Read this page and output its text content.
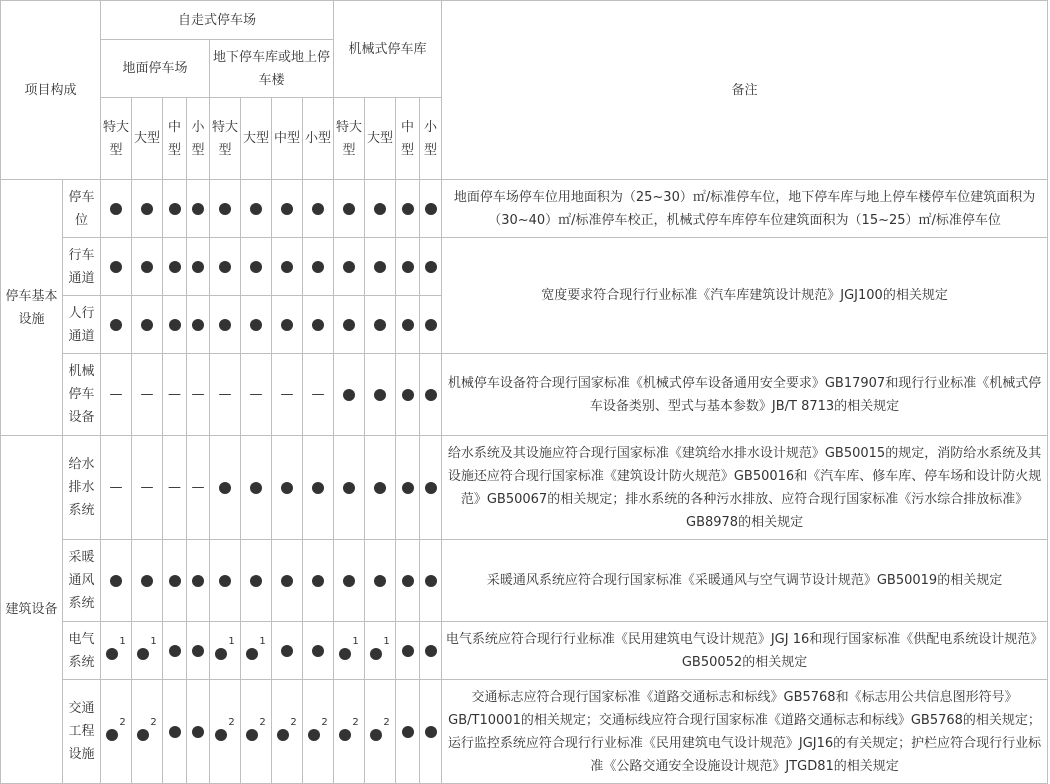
项目构成		自走式停车场								机械式停车库				备注
		地面停车场				地下停车库或地上停车楼								
		特大型	大型	中型	小型	特大型	大型	中型	小型	特大型	大型	中型	小型	
停车基本设施	停车位													地面停车场停车位用地面积为（25~30）㎡/标准停车位，地下停车库与地上停车楼停车位建筑面积为（30~40）㎡/标准停车校正，机械式停车库停车位建筑面积为（15~25）㎡/标准停车位
	行车通道													宽度要求符合现行行业标准《汽车库建筑设计规范》JGJ100的相关规定
	人行通道													
	机械停车设备	—	—	—	—	—	—	—	—					机械停车设备符合现行国家标准《机械式停车设备通用安全要求》GB17907和现行行业标准《机械式停车设备类别、型式与基本参数》JB/T 8713的相关规定
建筑设备	给水排水系统	—	—	—	—									给水系统及其设施应符合现行国家标准《建筑给水排水设计规范》GB50015的规定，消防给水系统及其设施还应符合现行国家标准《建筑设计防火规范》GB50016和《汽车库、修车库、停车场和设计防火规范》GB50067的相关规定；排水系统的各种污水排放、应符合现行国家标准《污水综合排放标准》GB8978的相关规定
	采暖通风系统													采暖通风系统应符合现行国家标准《采暖通风与空气调节设计规范》GB50019的相关规定
	电气系统	$^1$	$^1$			$^1$	$^1$			$^1$	$^1$			电气系统应符合现行行业标准《民用建筑电气设计规范》JGJ 16和现行国家标准《供配电系统设计规范》GB50052的相关规定
	交通工程设施	$^2$	$^2$			$^2$	$^2$	$^2$	$^2$	$^2$	$^2$			交通标志应符合现行国家标准《道路交通标志和标线》GB5768和《标志用公共信息图形符号》GB/T10001的相关规定；交通标线应符合现行国家标准《道路交通标志和标线》GB5768的相关规定；运行监控系统应符合现行行业标准《民用建筑电气设计规范》JGJ16的有关规定；护栏应符合现行行业标准《公路交通安全设施设计规范》JTGD81的相关规定
